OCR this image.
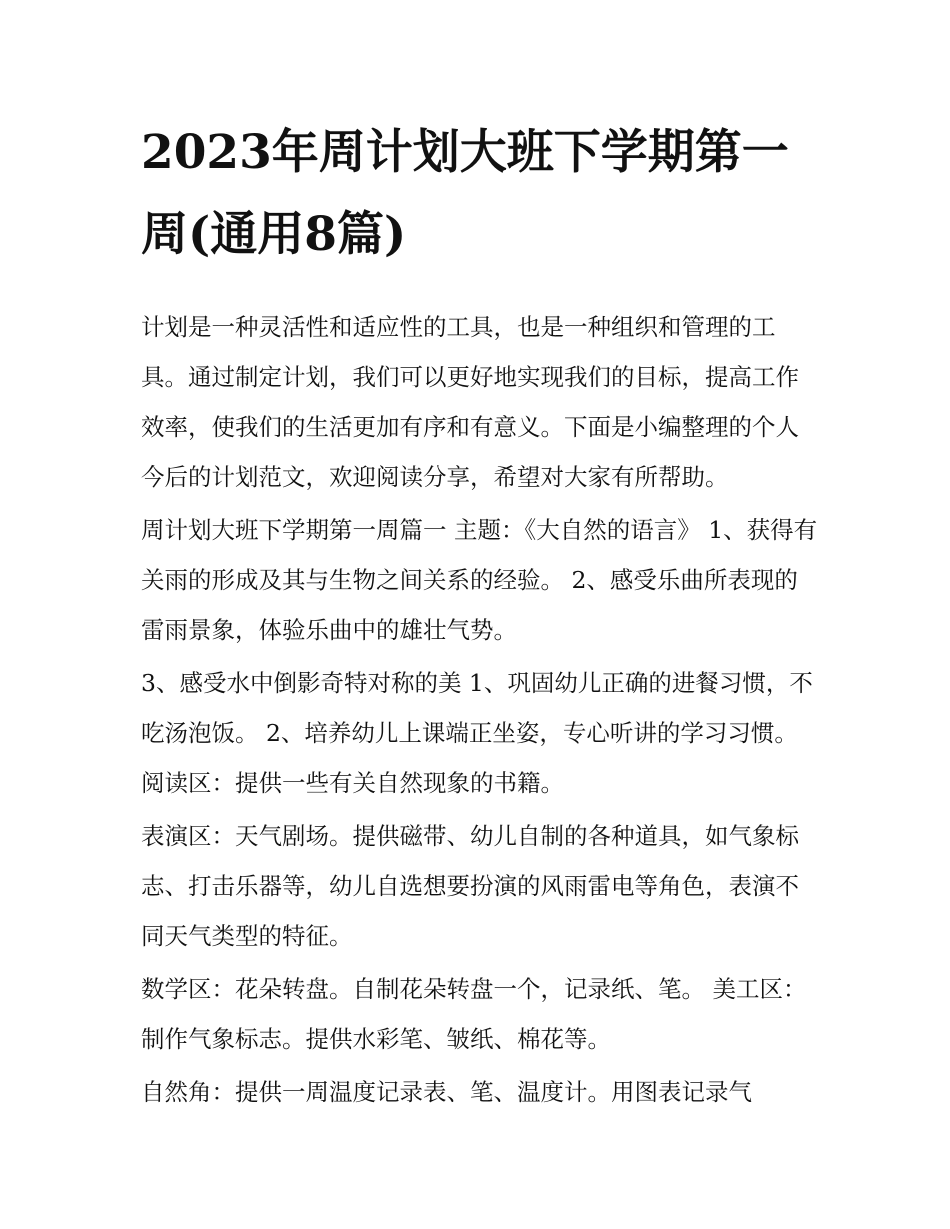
2023年周计划大班下学期第一周(通用8篇)

计划是一种灵活性和适应性的工具，也是一种组织和管理的工具。通过制定计划，我们可以更好地实现我们的目标，提高工作效率，使我们的生活更加有序和有意义。下面是小编整理的个人今后的计划范文，欢迎阅读分享，希望对大家有所帮助。

周计划大班下学期第一周篇一 主题：《大自然的语言》 1、获得有关雨的形成及其与生物之间关系的经验。 2、感受乐曲所表现的雷雨景象，体验乐曲中的雄壮气势。

3、感受水中倒影奇特对称的美 1、巩固幼儿正确的进餐习惯，不吃汤泡饭。 2、培养幼儿上课端正坐姿，专心听讲的学习习惯。 阅读区：提供一些有关自然现象的书籍。

表演区：天气剧场。提供磁带、幼儿自制的各种道具，如气象标志、打击乐器等，幼儿自选想要扮演的风雨雷电等角色，表演不同天气类型的特征。

数学区：花朵转盘。自制花朵转盘一个，记录纸、笔。 美工区：制作气象标志。提供水彩笔、皱纸、棉花等。

自然角：提供一周温度记录表、笔、温度计。用图表记录气
